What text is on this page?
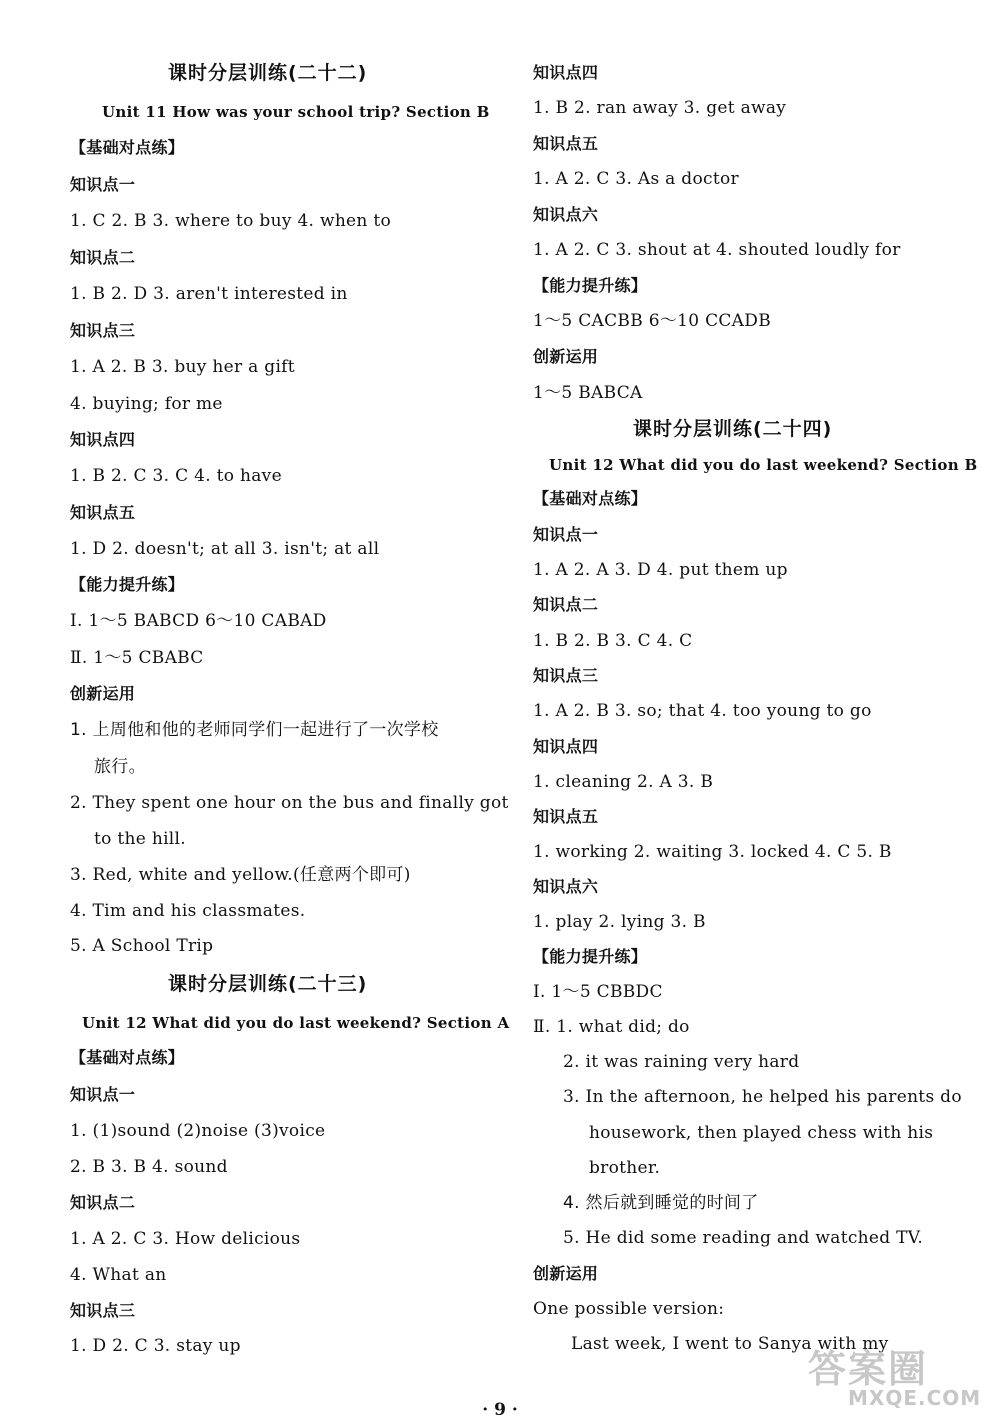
课时分层训练(二十二)
Unit 11 How was your school trip? Section B
【基础对点练】
知识点一
1. C 2. B 3. where to buy 4. when to
知识点二
1. B 2. D 3. aren't interested in
知识点三
1. A 2. B 3. buy her a gift
4. buying; for me
知识点四
1. B 2. C 3. C 4. to have
知识点五
1. D 2. doesn't; at all 3. isn't; at all
【能力提升练】
Ⅰ. 1～5 BABCD 6～10 CABAD
Ⅱ. 1～5 CBABC
创新运用
1. 上周他和他的老师同学们一起进行了一次学校
旅行。
2. They spent one hour on the bus and finally got
to the hill.
3. Red, white and yellow.(任意两个即可)
4. Tim and his classmates.
5. A School Trip
课时分层训练(二十三)
Unit 12 What did you do last weekend? Section A
【基础对点练】
知识点一
1. (1)sound (2)noise (3)voice
2. B 3. B 4. sound
知识点二
1. A 2. C 3. How delicious
4. What an
知识点三
1. D 2. C 3. stay up
知识点四
1. B 2. ran away 3. get away
知识点五
1. A 2. C 3. As a doctor
知识点六
1. A 2. C 3. shout at 4. shouted loudly for
【能力提升练】
1～5 CACBB 6～10 CCADB
创新运用
1～5 BABCA
课时分层训练(二十四)
Unit 12 What did you do last weekend? Section B
【基础对点练】
知识点一
1. A 2. A 3. D 4. put them up
知识点二
1. B 2. B 3. C 4. C
知识点三
1. A 2. B 3. so; that 4. too young to go
知识点四
1. cleaning 2. A 3. B
知识点五
1. working 2. waiting 3. locked 4. C 5. B
知识点六
1. play 2. lying 3. B
【能力提升练】
Ⅰ. 1～5 CBBDC
Ⅱ. 1. what did; do
2. it was raining very hard
3. In the afternoon, he helped his parents do
housework, then played chess with his
brother.
4. 然后就到睡觉的时间了
5. He did some reading and watched TV.
创新运用
One possible version:
Last week, I went to Sanya with my
答案圈
MXQE.COM
· 9 ·
